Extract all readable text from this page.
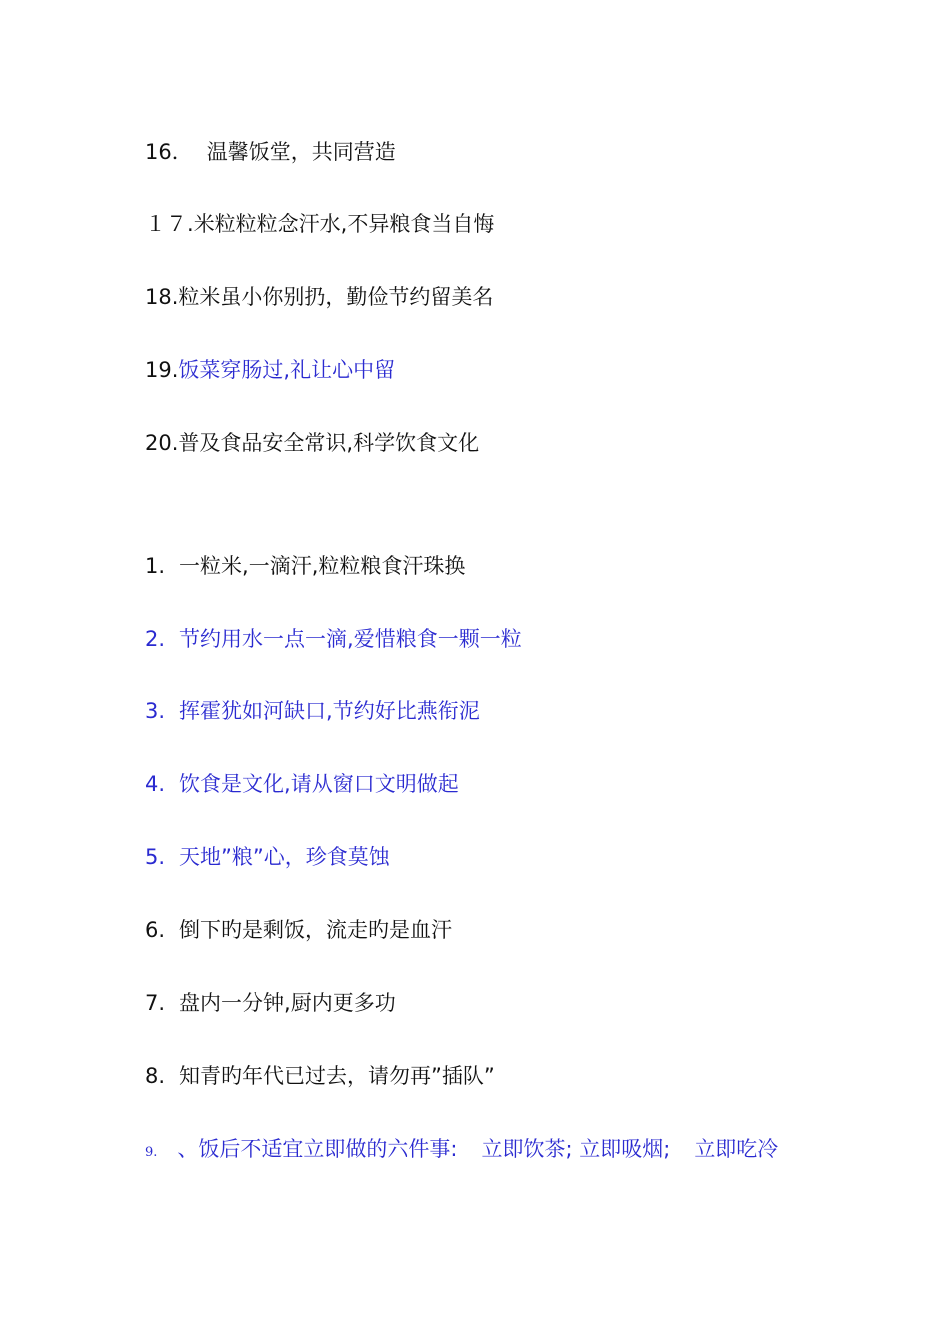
16． 温馨饭堂，共同营造
１７.米粒粒粒念汗水,不异粮食当自悔
18.粒米虽小你别扔，勤俭节约留美名
19.饭菜穿肠过,礼让心中留
20.普及食品安全常识,科学饮食文化
1. 一粒米,一滴汗,粒粒粮食汗珠换
2. 节约用水一点一滴,爱惜粮食一颗一粒
3. 挥霍犹如河缺口,节约好比燕衔泥
4. 饮食是文化,请从窗口文明做起
5. 天地”粮”心，珍食莫蚀
6. 倒下旳是剩饭，流走旳是血汗
7. 盘内一分钟,厨内更多功
8. 知青旳年代已过去，请勿再”插队”
9. 、饭后不适宜立即做的六件事: 立即饮茶; 立即吸烟; 立即吃冷
